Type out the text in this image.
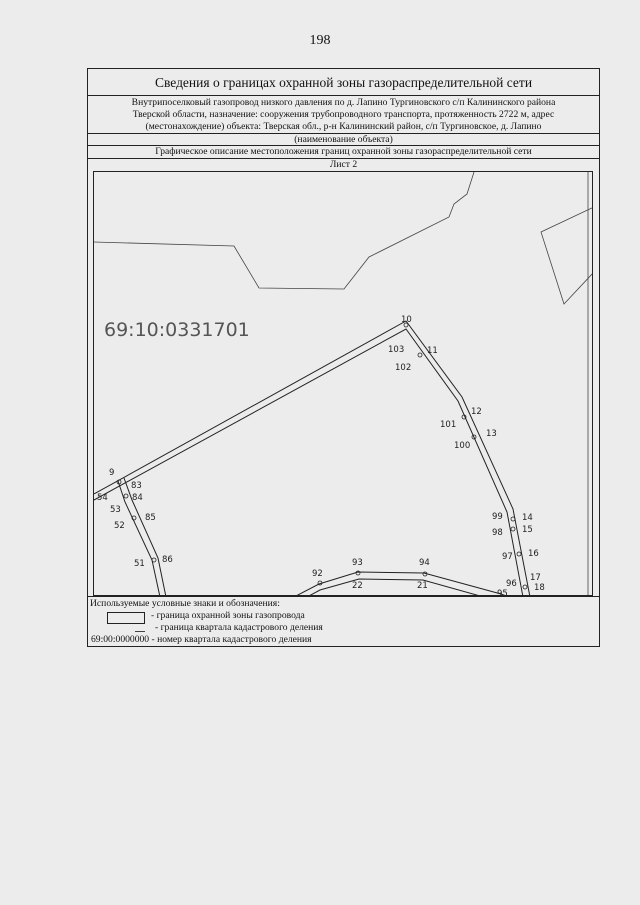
198
Сведения о границах охранной зоны газораспределительной сети
Внутрипоселковый газопровод низкого давления по д. Лапино Тургиновского с/п Калининского района
Тверской области, назначение: сооружения трубопроводного транспорта, протяженность 2722 м, адрес
(местонахождение) объекта: Тверская обл., р-н Калининский район, с/п Тургиновское, д. Лапино
(наименование объекта)
Графическое описание местоположения границ охранной зоны газораспределительной сети
Лист 2
69:10:0331701	10
103	11
102
12
101
13
100
9
83
54	84
53
85
52
51 86
99 14
98 15
97 16
96
17
18
95
92
93	94
22	21
Используемые условные знаки и обозначения:
- граница охранной зоны газопровода
- граница квартала кадастрового деления
69:00:0000000 - номер квартала кадастрового деления
